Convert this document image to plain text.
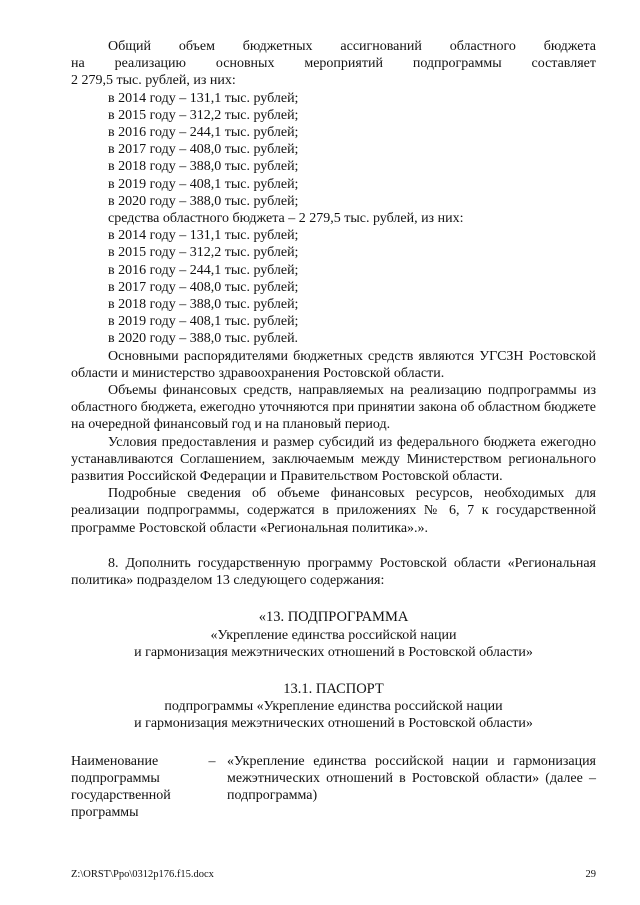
Общий объем бюджетных ассигнований областного бюджета
на реализацию основных мероприятий подпрограммы составляет
2 279,5 тыс. рублей, из них:
в 2014 году – 131,1 тыс. рублей;
в 2015 году – 312,2 тыс. рублей;
в 2016 году – 244,1 тыс. рублей;
в 2017 году – 408,0 тыс. рублей;
в 2018 году – 388,0 тыс. рублей;
в 2019 году – 408,1 тыс. рублей;
в 2020 году – 388,0 тыс. рублей;
средства областного бюджета – 2 279,5 тыс. рублей, из них:
в 2014 году – 131,1 тыс. рублей;
в 2015 году – 312,2 тыс. рублей;
в 2016 году – 244,1 тыс. рублей;
в 2017 году – 408,0 тыс. рублей;
в 2018 году – 388,0 тыс. рублей;
в 2019 году – 408,1 тыс. рублей;
в 2020 году – 388,0 тыс. рублей.
Основными распорядителями бюджетных средств являются УГСЗН Ростовской области и министерство здравоохранения Ростовской области.
Объемы финансовых средств, направляемых на реализацию подпрограммы из областного бюджета, ежегодно уточняются при принятии закона об областном бюджете на очередной финансовый год и на плановый период.
Условия предоставления и размер субсидий из федерального бюджета ежегодно устанавливаются Соглашением, заключаемым между Министерством регионального развития Российской Федерации и Правительством Ростовской области.
Подробные сведения об объеме финансовых ресурсов, необходимых для реализации подпрограммы, содержатся в приложениях № 6, 7 к государственной программе Ростовской области «Региональная политика».».
8. Дополнить государственную программу Ростовской области «Региональная политика» подразделом 13 следующего содержания:
«13. ПОДПРОГРАММА
«Укрепление единства российской нации
и гармонизация межэтнических отношений в Ростовской области»
13.1. ПАСПОРТ
подпрограммы «Укрепление единства российской нации
и гармонизация межэтнических отношений в Ростовской области»
Наименование подпрограммы государственной программы
– «Укрепление единства российской нации и гармонизация межэтнических отношений в Ростовской области» (далее – подпрограмма)
Z:\ORST\Ppo\0312p176.f15.docx	29
